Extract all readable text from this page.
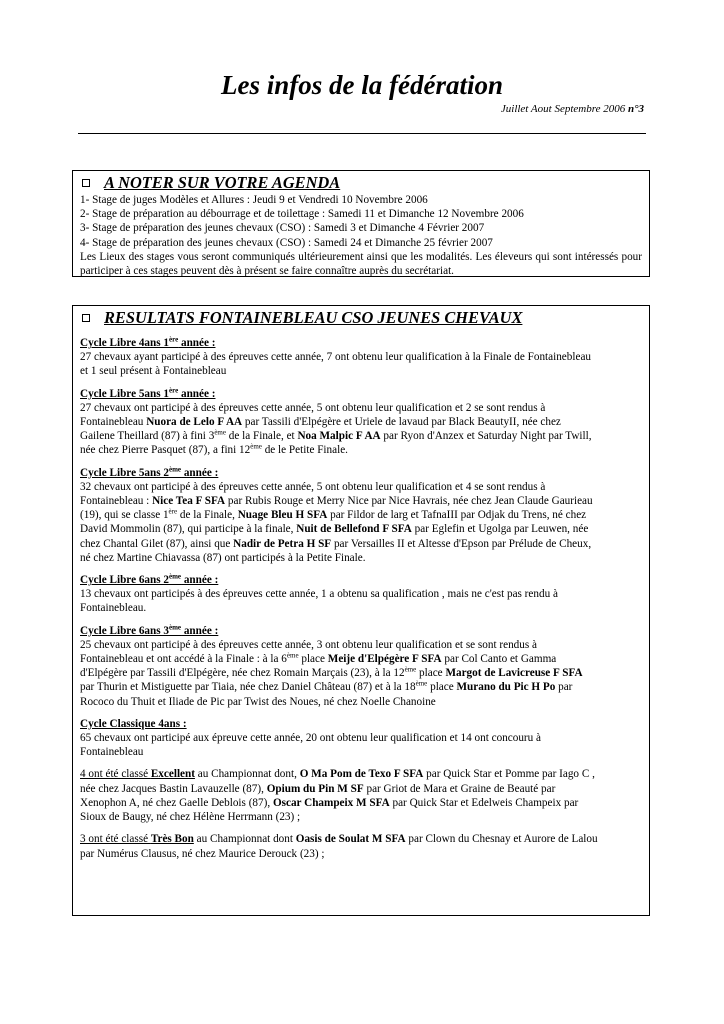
Les infos de la fédération
Juillet Aout Septembre 2006 n°3
A NOTER SUR VOTRE AGENDA
1- Stage de juges Modèles et Allures : Jeudi 9 et Vendredi 10 Novembre 2006
2- Stage de préparation au débourrage et de toilettage : Samedi 11 et Dimanche 12 Novembre 2006
3- Stage de préparation des jeunes chevaux (CSO) : Samedi 3 et Dimanche 4 Février 2007
4- Stage de préparation des jeunes chevaux (CSO) : Samedi 24 et Dimanche 25 février 2007
Les Lieux des stages vous seront communiqués ultérieurement ainsi que les modalités. Les éleveurs qui sont intéressés pour participer à ces stages peuvent dès à présent se faire connaître auprès du secrétariat.
RESULTATS FONTAINEBLEAU CSO JEUNES CHEVAUX
Cycle Libre 4ans 1ère année :
27 chevaux ayant participé à des épreuves cette année, 7 ont obtenu leur qualification à la Finale de Fontainebleau
et 1 seul présent à Fontainebleau
Cycle Libre 5ans 1ère année :
27 chevaux ont participé à des épreuves cette année, 5 ont obtenu leur qualification et 2 se sont rendus à
Fontainebleau Nuora de Lelo F AA par Tassili d'Elpégère et Uriele de lavaud par Black BeautyII, née chez
Gailene Theillard (87) à fini 3ème de la Finale, et Noa Malpic F AA par Ryon d'Anzex et Saturday Night par Twill,
née chez Pierre Pasquet (87), a fini 12ème de le Petite Finale.
Cycle Libre 5ans 2ème année :
32 chevaux ont participé à des épreuves cette année, 5 ont obtenu leur qualification et 4 se sont rendus à
Fontainebleau : Nice Tea F SFA par Rubis Rouge et Merry Nice par Nice Havrais, née chez Jean Claude Gaurieau
(19), qui se classe 1ère de la Finale, Nuage Bleu H SFA par Fildor de larg et TafnaIII par Odjak du Trens, né chez
David Mommolin (87), qui participe à la finale, Nuit de Bellefond F SFA par Eglefin et Ugolga par Leuwen, née
chez Chantal Gilet (87), ainsi que Nadir de Petra H SF par Versailles II et Altesse d'Epson par Prélude de Cheux,
né chez Martine Chiavassa (87) ont participés à la Petite Finale.
Cycle Libre 6ans 2ème année :
13 chevaux ont participés à des épreuves cette année, 1 a obtenu sa qualification , mais ne c'est pas rendu à
Fontainebleau.
Cycle Libre 6ans 3ème année :
25 chevaux ont participé à des épreuves cette année, 3 ont obtenu leur qualification et se sont rendus à
Fontainebleau et ont accédé à la Finale : à la 6ème place Meije d'Elpégère F SFA par Col Canto et Gamma
d'Elpégère par Tassili d'Elpégère, née chez Romain Marçais (23), à la 12ème place Margot de Lavicreuse F SFA
par Thurin et Mistiguette par Tiaia, née chez Daniel Château (87) et à la 18ème place Murano du Pic H Po par
Rococo du Thuit et Iliade de Pic par Twist des Noues, né chez Noelle Chanoine
Cycle Classique 4ans :
65 chevaux ont participé aux épreuve cette année, 20 ont obtenu leur qualification et 14 ont concouru à
Fontainebleau
4 ont été classé Excellent au Championnat dont, O Ma Pom de Texo F SFA par Quick Star et Pomme par Iago C ,
née chez Jacques Bastin Lavauzelle (87), Opium du Pin M SF par Griot de Mara et Graine de Beauté par
Xenophon A, né chez Gaelle Deblois (87), Oscar Champeix M SFA par Quick Star et Edelweis Champeix par
Sioux de Baugy, né chez Hélène Herrmann (23) ;
3 ont été classé Très Bon au Championnat dont Oasis de Soulat M SFA par Clown du Chesnay et Aurore de Lalou
par Numérus Clausus, né chez Maurice Derouck (23) ;
